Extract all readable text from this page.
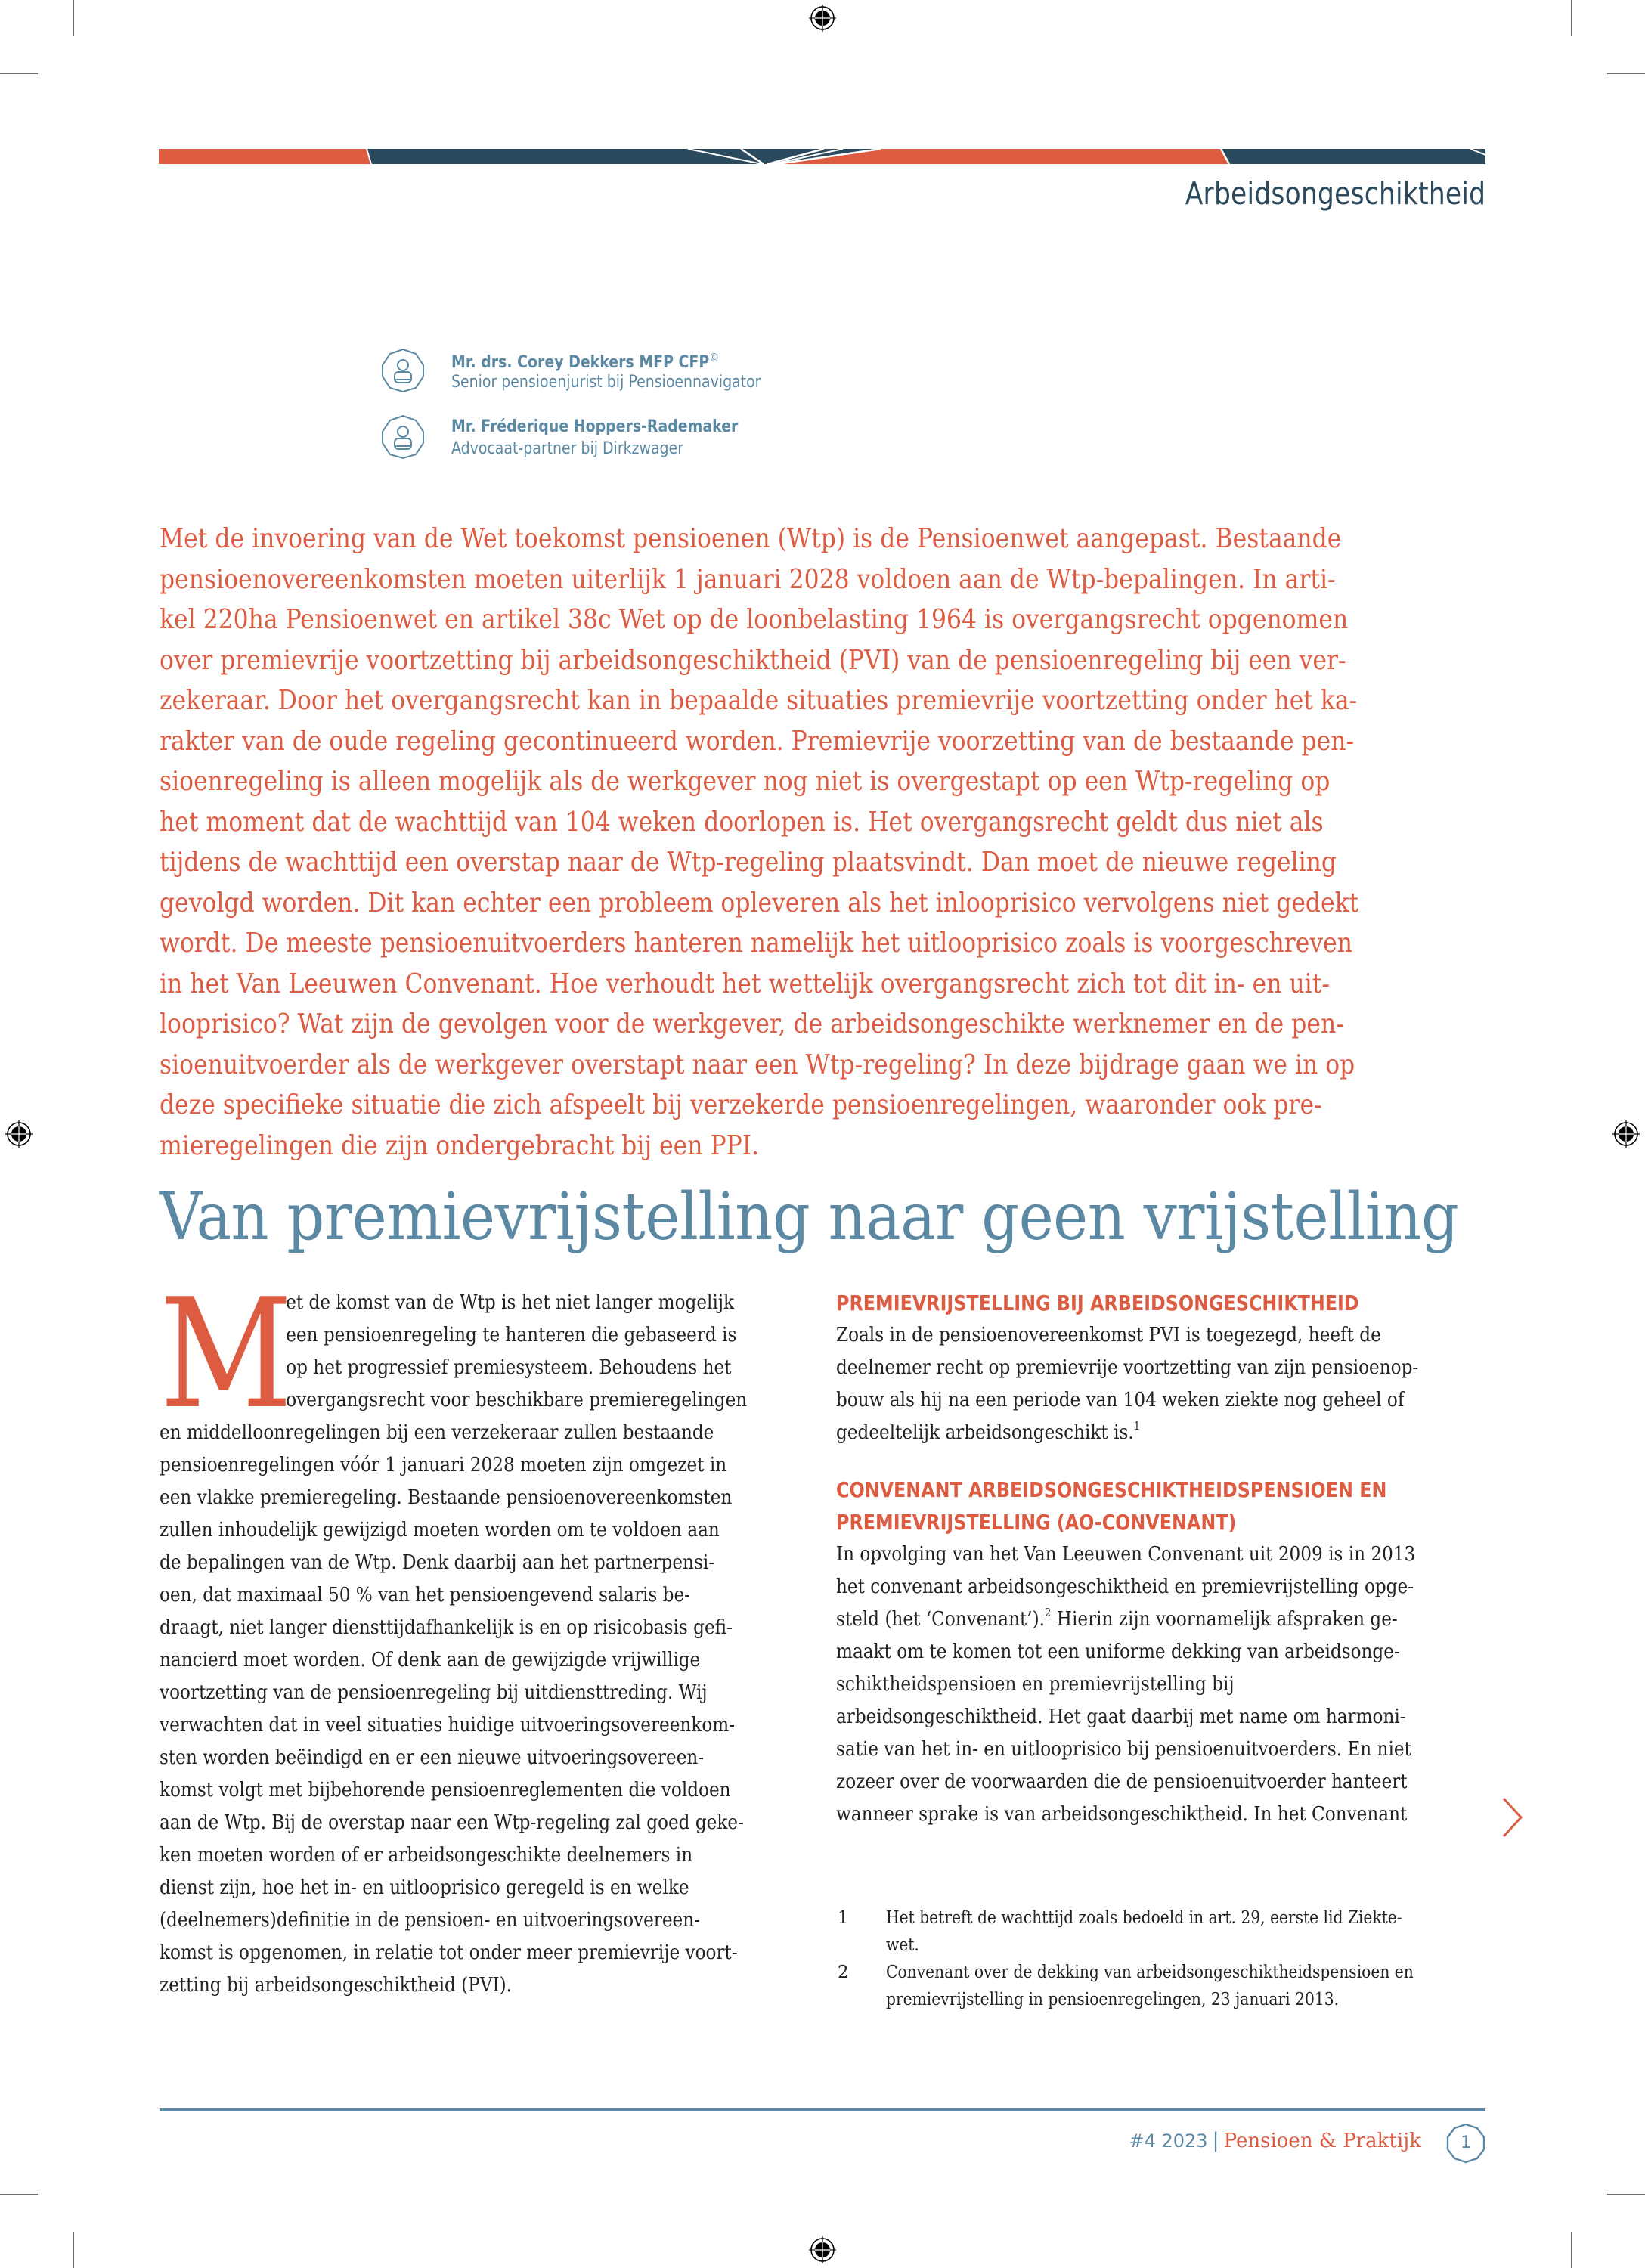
Arbeidsongeschiktheid
Mr. drs. Corey Dekkers MFP CFP©
Senior pensioenjurist bij Pensioennavigator
Mr. Fréderique Hoppers-Rademaker
Advocaat-partner bij Dirkzwager
Met de invoering van de Wet toekomst pensioenen (Wtp) is de Pensioenwet aangepast. Bestaande
pensioenovereenkomsten moeten uiterlijk 1 januari 2028 voldoen aan de Wtp-bepalingen. In arti-
kel 220ha Pensioenwet en artikel 38c Wet op de loonbelasting 1964 is overgangsrecht opgenomen
over premievrije voortzetting bij arbeidsongeschiktheid (PVI) van de pensioenregeling bij een ver-
zekeraar. Door het overgangsrecht kan in bepaalde situaties premievrije voortzetting onder het ka-
rakter van de oude regeling gecontinueerd worden. Premievrije voorzetting van de bestaande pen-
sioenregeling is alleen mogelijk als de werkgever nog niet is overgestapt op een Wtp-regeling op
het moment dat de wachttijd van 104 weken doorlopen is. Het overgangsrecht geldt dus niet als
tijdens de wachttijd een overstap naar de Wtp-regeling plaatsvindt. Dan moet de nieuwe regeling
gevolgd worden. Dit kan echter een probleem opleveren als het inlooprisico vervolgens niet gedekt
wordt. De meeste pensioenuitvoerders hanteren namelijk het uitlooprisico zoals is voorgeschreven
in het Van Leeuwen Convenant. Hoe verhoudt het wettelijk overgangsrecht zich tot dit in- en uit-
looprisico? Wat zijn de gevolgen voor de werkgever, de arbeidsongeschikte werknemer en de pen-
sioenuitvoerder als de werkgever overstapt naar een Wtp-regeling? In deze bijdrage gaan we in op
deze specifieke situatie die zich afspeelt bij verzekerde pensioenregelingen, waaronder ook pre-
mieregelingen die zijn ondergebracht bij een PPI.
Van premievrijstelling naar geen vrijstelling
M
et de komst van de Wtp is het niet langer mogelijk
een pensioenregeling te hanteren die gebaseerd is
op het progressief premiesysteem. Behoudens het
overgangsrecht voor beschikbare premieregelingen
en middelloonregelingen bij een verzekeraar zullen bestaande
pensioenregelingen vóór 1 januari 2028 moeten zijn omgezet in
een vlakke premieregeling. Bestaande pensioenovereenkomsten
zullen inhoudelijk gewijzigd moeten worden om te voldoen aan
de bepalingen van de Wtp. Denk daarbij aan het partnerpensi-
oen, dat maximaal 50 % van het pensioengevend salaris be-
draagt, niet langer diensttijdafhankelijk is en op risicobasis gefi-
nancierd moet worden. Of denk aan de gewijzigde vrijwillige
voortzetting van de pensioenregeling bij uitdiensttreding. Wij
verwachten dat in veel situaties huidige uitvoeringsovereenkom-
sten worden beëindigd en er een nieuwe uitvoeringsovereen-
komst volgt met bijbehorende pensioenreglementen die voldoen
aan de Wtp. Bij de overstap naar een Wtp-regeling zal goed geke-
ken moeten worden of er arbeidsongeschikte deelnemers in
dienst zijn, hoe het in- en uitlooprisico geregeld is en welke
(deelnemers)definitie in de pensioen- en uitvoeringsovereen-
komst is opgenomen, in relatie tot onder meer premievrije voort-
zetting bij arbeidsongeschiktheid (PVI).
PREMIEVRIJSTELLING BIJ ARBEIDSONGESCHIKTHEID
Zoals in de pensioenovereenkomst PVI is toegezegd, heeft de
deelnemer recht op premievrije voortzetting van zijn pensioenop-
bouw als hij na een periode van 104 weken ziekte nog geheel of
gedeeltelijk arbeidsongeschikt is.$^1$
CONVENANT ARBEIDSONGESCHIKTHEIDSPENSIOEN EN
PREMIEVRIJSTELLING (AO-CONVENANT)
In opvolging van het Van Leeuwen Convenant uit 2009 is in 2013
het convenant arbeidsongeschiktheid en premievrijstelling opge-
steld (het ‘Convenant’).$^2$ Hierin zijn voornamelijk afspraken ge-
maakt om te komen tot een uniforme dekking van arbeidsonge-
schiktheidspensioen en premievrijstelling bij
arbeidsongeschiktheid. Het gaat daarbij met name om harmoni-
satie van het in- en uitlooprisico bij pensioenuitvoerders. En niet
zozeer over de voorwaarden die de pensioenuitvoerder hanteert
wanneer sprake is van arbeidsongeschiktheid. In het Convenant
1 Het betreft de wachttijd zoals bedoeld in art. 29, eerste lid Ziekte-
wet.
2 Convenant over de dekking van arbeidsongeschiktheidspensioen en
premievrijstelling in pensioenregelingen, 23 januari 2013.
#4 2023 | Pensioen & Praktijk	1
